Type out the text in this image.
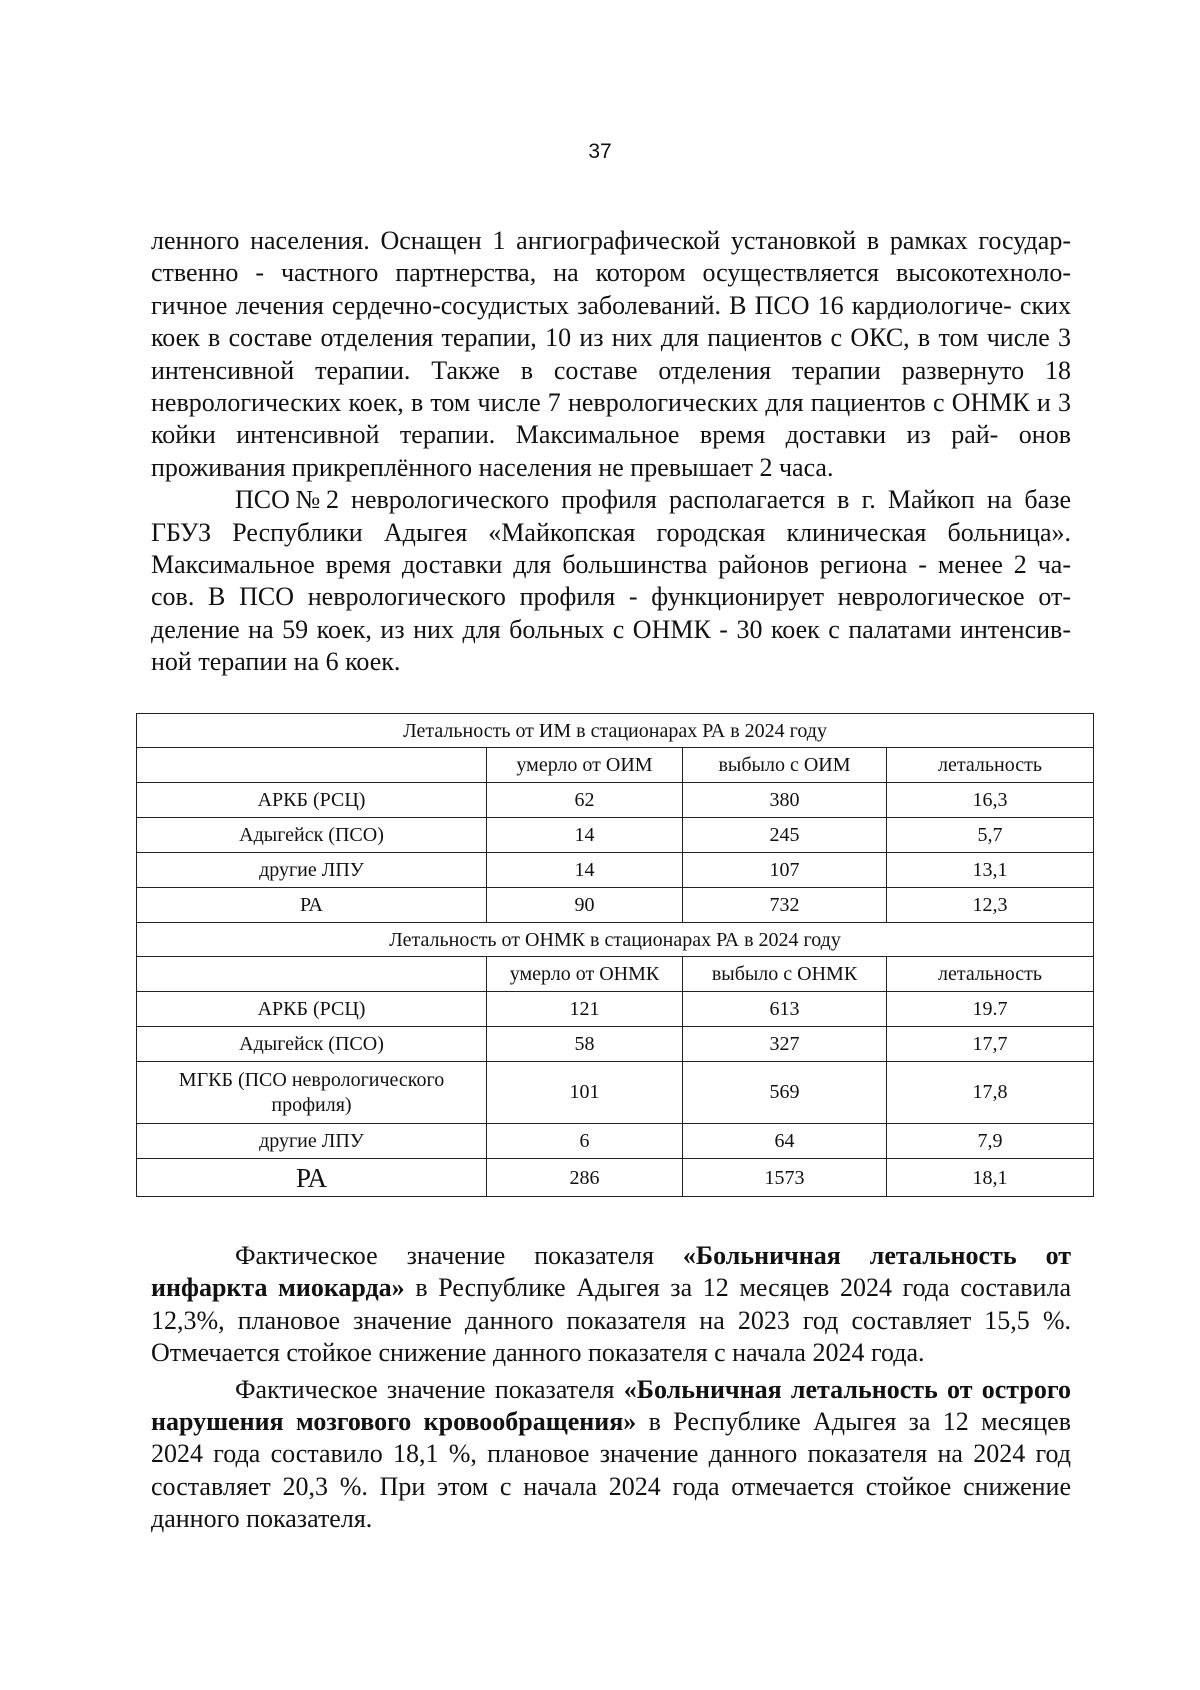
37

ленного населения. Оснащен 1 ангиографической установкой в рамках государ- ственно - частного партнерства, на котором осуществляется высокотехноло- гичное лечения сердечно-сосудистых заболеваний. В ПСО 16 кардиологиче- ских коек в составе отделения терапии, 10 из них для пациентов с ОКС, в том числе 3 интенсивной терапии. Также в составе отделения терапии развернуто 18 неврологических коек, в том числе 7 неврологических для пациентов с ОНМК и 3 койки интенсивной терапии. Максимальное время доставки из рай- онов проживания прикреплённого населения не превышает 2 часа.

ПСО№2 неврологического профиля располагается в г. Майкоп на базе ГБУЗ Республики Адыгея «Майкопская городская клиническая больница». Максимальное время доставки для большинства районов региона - менее 2 ча- сов. В ПСО неврологического профиля - функционирует неврологическое от- деление на 59 коек, из них для больных с ОНМК - 30 коек с палатами интенсив- ной терапии на 6 коек.

Летальность от ИМ в стационарах РА в 2024 году			
	умерло от ОИМ	выбыло с ОИМ	летальность
АРКБ (РСЦ)	62	380	16,3
Адыгейск (ПСО)	14	245	5,7
другие ЛПУ	14	107	13,1
РА	90	732	12,3
Летальность от ОНМК в стационарах РА в 2024 году			
	умерло от ОНМК	выбыло с ОНМК	летальность
АРКБ (РСЦ)	121	613	19.7
Адыгейск (ПСО)	58	327	17,7
МГКБ (ПСО неврологического профиля)	101	569	17,8
другие ЛПУ	6	64	7,9
РА	286	1573	18,1

Фактическое значение показателя «Больничная летальность от инфаркта миокарда» в Республике Адыгея за 12 месяцев 2024 года составила 12,3%, плановое значение данного показателя на 2023 год составляет 15,5 %. Отмечается стойкое снижение данного показателя с начала 2024 года.

Фактическое значение показателя «Больничная летальность от острого нарушения мозгового кровообращения» в Республике Адыгея за 12 месяцев 2024 года составило 18,1 %, плановое значение данного показателя на 2024 год составляет 20,3 %. При этом с начала 2024 года отмечается стойкое снижение данного показателя.
